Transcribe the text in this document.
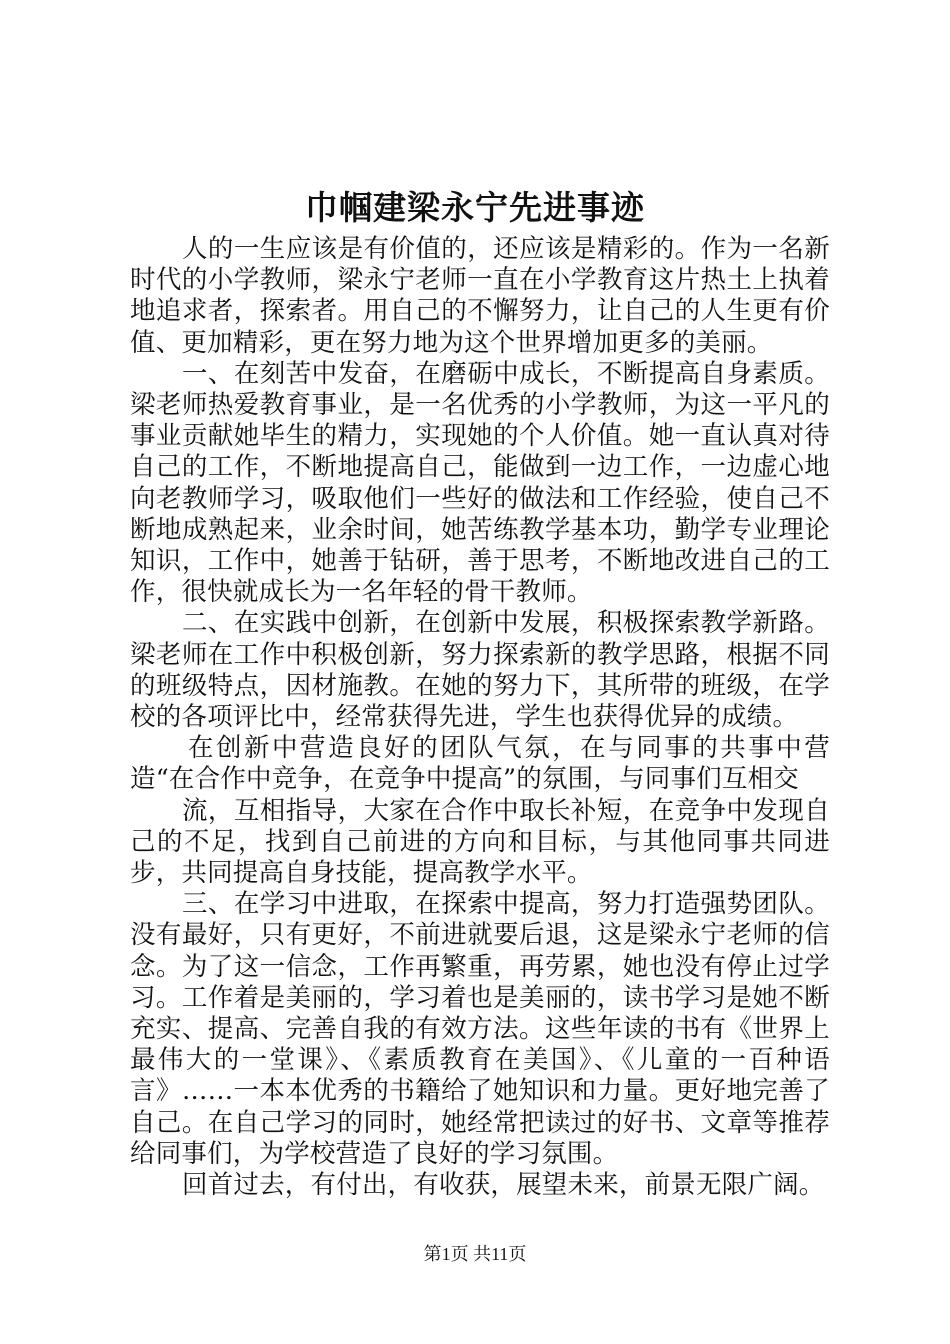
巾帼建梁永宁先进事迹

人的一生应该是有价值的，还应该是精彩的。作为一名新时代的小学教师，梁永宁老师一直在小学教育这片热土上执着地追求者，探索者。用自己的不懈努力，让自己的人生更有价值、更加精彩，更在努力地为这个世界增加更多的美丽。

一、在刻苦中发奋，在磨砺中成长，不断提高自身素质。梁老师热爱教育事业，是一名优秀的小学教师，为这一平凡的事业贡献她毕生的精力，实现她的个人价值。她一直认真对待自己的工作，不断地提高自己，能做到一边工作，一边虚心地向老教师学习，吸取他们一些好的做法和工作经验，使自己不断地成熟起来，业余时间，她苦练教学基本功，勤学专业理论知识，工作中，她善于钻研，善于思考，不断地改进自己的工作，很快就成长为一名年轻的骨干教师。

二、在实践中创新，在创新中发展，积极探索教学新路。梁老师在工作中积极创新，努力探索新的教学思路，根据不同的班级特点，因材施教。在她的努力下，其所带的班级，在学校的各项评比中，经常获得先进，学生也获得优异的成绩。

在创新中营造良好的团队气氛，在与同事的共事中营造“在合作中竞争，在竞争中提高”的氛围，与同事们互相交

流，互相指导，大家在合作中取长补短，在竞争中发现自己的不足，找到自己前进的方向和目标，与其他同事共同进步，共同提高自身技能，提高教学水平。

三、在学习中进取，在探索中提高，努力打造强势团队。没有最好，只有更好，不前进就要后退，这是梁永宁老师的信念。为了这一信念，工作再繁重，再劳累，她也没有停止过学习。工作着是美丽的，学习着也是美丽的，读书学习是她不断充实、提高、完善自我的有效方法。这些年读的书有《世界上最伟大的一堂课》、《素质教育在美国》、《儿童的一百种语言》……一本本优秀的书籍给了她知识和力量。更好地完善了自己。在自己学习的同时，她经常把读过的好书、文章等推荐给同事们，为学校营造了良好的学习氛围。

回首过去，有付出，有收获，展望未来，前景无限广阔。

第1页 共11页
